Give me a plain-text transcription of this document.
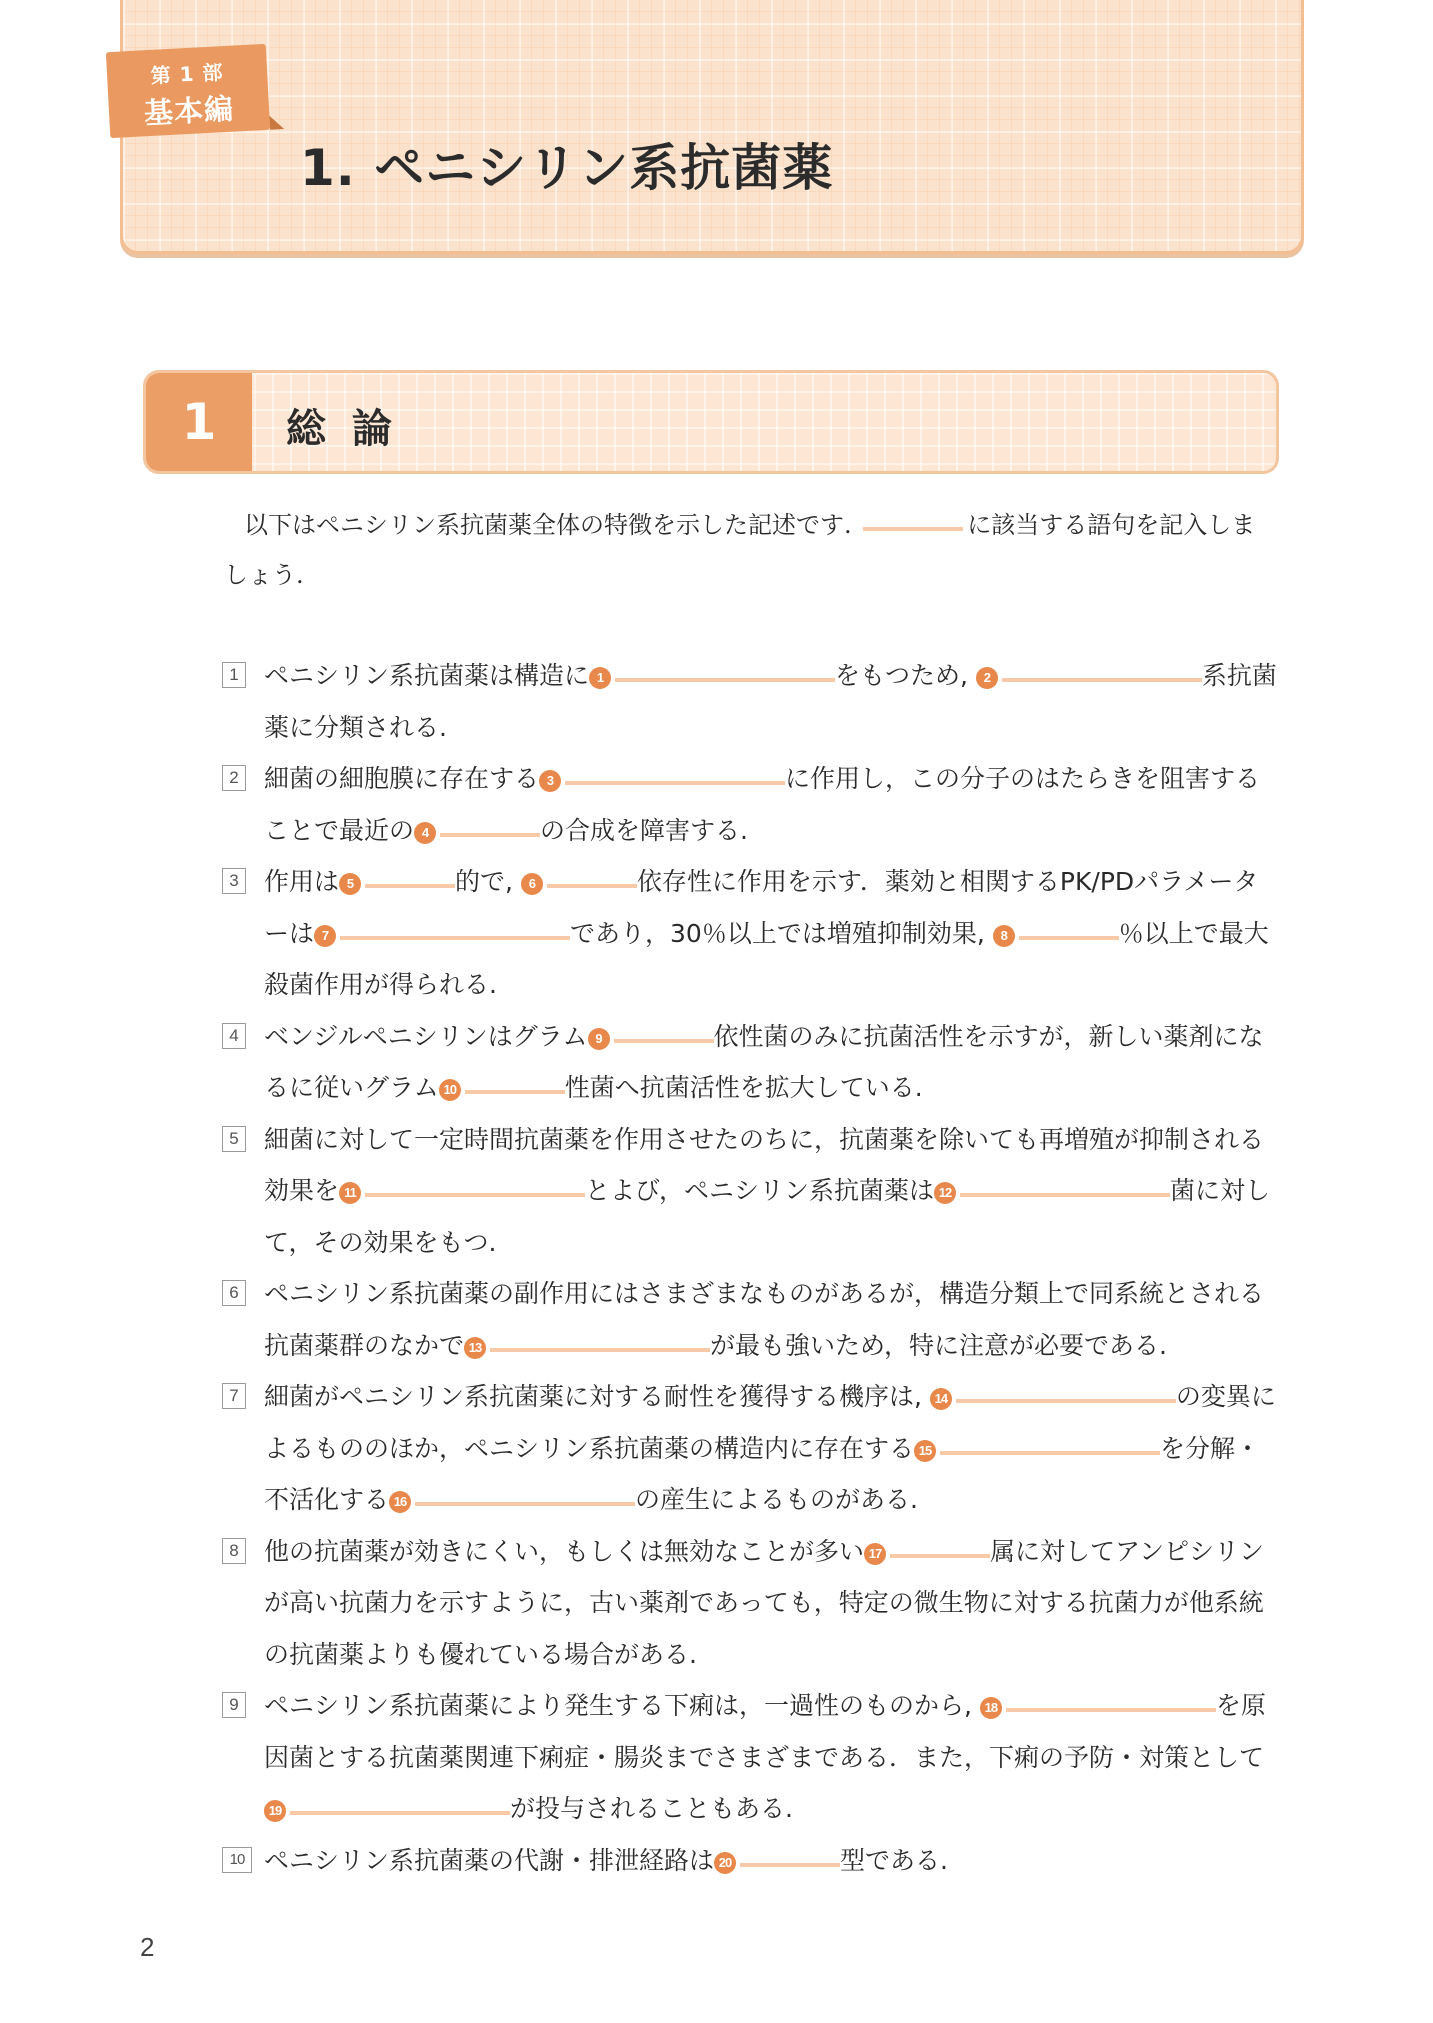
第 1 部
基本編
1. ペニシリン系抗菌薬
1	総 論
以下はペニシリン系抗菌薬全体の特徴を示した記述です.	に該当する語句を記入しましょう.
1 ペニシリン系抗菌薬は構造に 1	をもつため, 2	系抗菌薬に分類される.
2 細菌の細胞膜に存在する 3	に作用し，この分子のはたらきを阻害することで最近の 4	の合成を障害する.
3 作用は 5	的で, 6	依存性に作用を示す．薬効と相関するPK/PDパラメーターは 7	であり，30％以上では増殖抑制効果, 8	％以上で最大殺菌作用が得られる.
4 ベンジルペニシリンはグラム 9	依性菌のみに抗菌活性を示すが，新しい薬剤になるに従いグラム 10	性菌へ抗菌活性を拡大している.
5 細菌に対して一定時間抗菌薬を作用させたのちに，抗菌薬を除いても再増殖が抑制される効果を 11	とよび，ペニシリン系抗菌薬は 12	菌に対して，その効果をもつ.
6 ペニシリン系抗菌薬の副作用にはさまざまなものがあるが，構造分類上で同系統とされる抗菌薬群のなかで 13	が最も強いため，特に注意が必要である.
7 細菌がペニシリン系抗菌薬に対する耐性を獲得する機序は, 14	の変異によるもののほか，ペニシリン系抗菌薬の構造内に存在する 15	を分解・不活化する 16	の産生によるものがある.
8 他の抗菌薬が効きにくい，もしくは無効なことが多い 17	属に対してアンピシリンが高い抗菌力を示すように，古い薬剤であっても，特定の微生物に対する抗菌力が他系統の抗菌薬よりも優れている場合がある.
9 ペニシリン系抗菌薬により発生する下痢は，一過性のものから, 18	を原因菌とする抗菌薬関連下痢症・腸炎までさまざまである．また，下痢の予防・対策として19	が投与されることもある.
10 ペニシリン系抗菌薬の代謝・排泄経路は 20	型である.
2
